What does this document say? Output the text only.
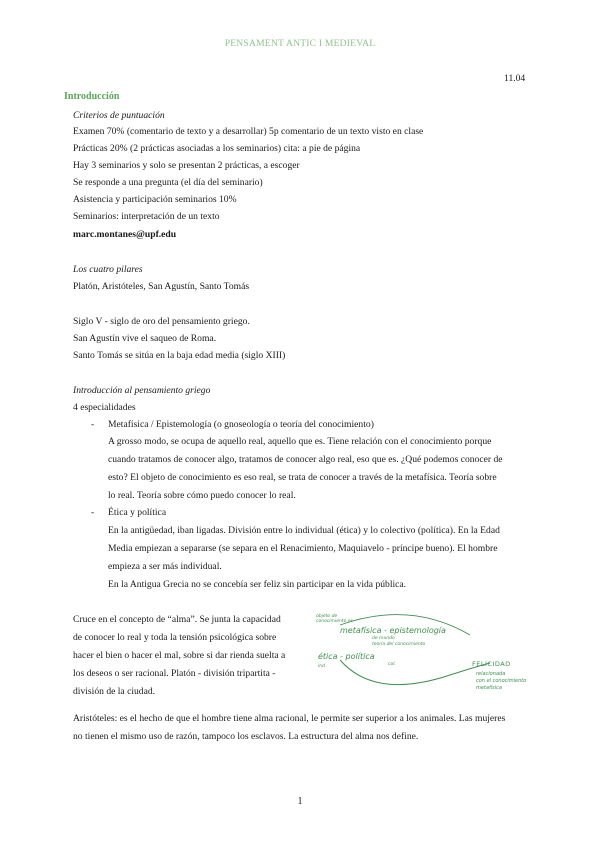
PENSAMENT ANTIC I MEDIEVAL
11.04
Introducción
Criterios de puntuación
Examen 70% (comentario de texto y a desarrollar) 5p comentario de un texto visto en clase
Prácticas 20% (2 prácticas asociadas a los seminarios) cita: a pie de página
Hay 3 seminarios y solo se presentan 2 prácticas, a escoger
Se responde a una pregunta (el día del seminario)
Asistencia y participación seminarios 10%
Seminarios: interpretación de un texto
marc.montanes@upf.edu
Los cuatro pilares
Platón, Aristóteles, San Agustín, Santo Tomás
Siglo V - siglo de oro del pensamiento griego.
San Agustín vive el saqueo de Roma.
Santo Tomás se sitúa en la baja edad media (siglo XIII)
Introducción al pensamiento griego
4 especialidades
- Metafísica / Epistemología (o gnoseología o teoría del conocimiento)
A grosso modo, se ocupa de aquello real, aquello que es. Tiene relación con el conocimiento porque
cuando tratamos de conocer algo, tratamos de conocer algo real, eso que es. ¿Qué podemos conocer de
esto? El objeto de conocimiento es eso real, se trata de conocer a través de la metafísica. Teoría sobre
lo real. Teoría sobre cómo puedo conocer lo real.
- Ética y política
En la antigüedad, iban ligadas. División entre lo individual (ética) y lo colectivo (política). En la Edad
Media empiezan a separarse (se separa en el Renacimiento, Maquiavelo - príncipe bueno). El hombre
empieza a ser más individual.
En la Antigua Grecia no se concebía ser feliz sin participar en la vida pública.
Cruce en el concepto de “alma”. Se junta la capacidad
de conocer lo real y toda la tensión psicológica sobre
hacer el bien o hacer el mal, sobre si dar rienda suelta a
los deseos o ser racional. Platón - división tripartita -
división de la ciudad.
objeto de conocimiento es
metafísica - epistemología
de mundo
teoría del conocimiento
ética - política
ind	col.	FELICIDAD
relacionada
con el conocimiento
metafísica
Aristóteles: es el hecho de que el hombre tiene alma racional, le permite ser superior a los animales. Las mujeres
no tienen el mismo uso de razón, tampoco los esclavos. La estructura del alma nos define.
1
